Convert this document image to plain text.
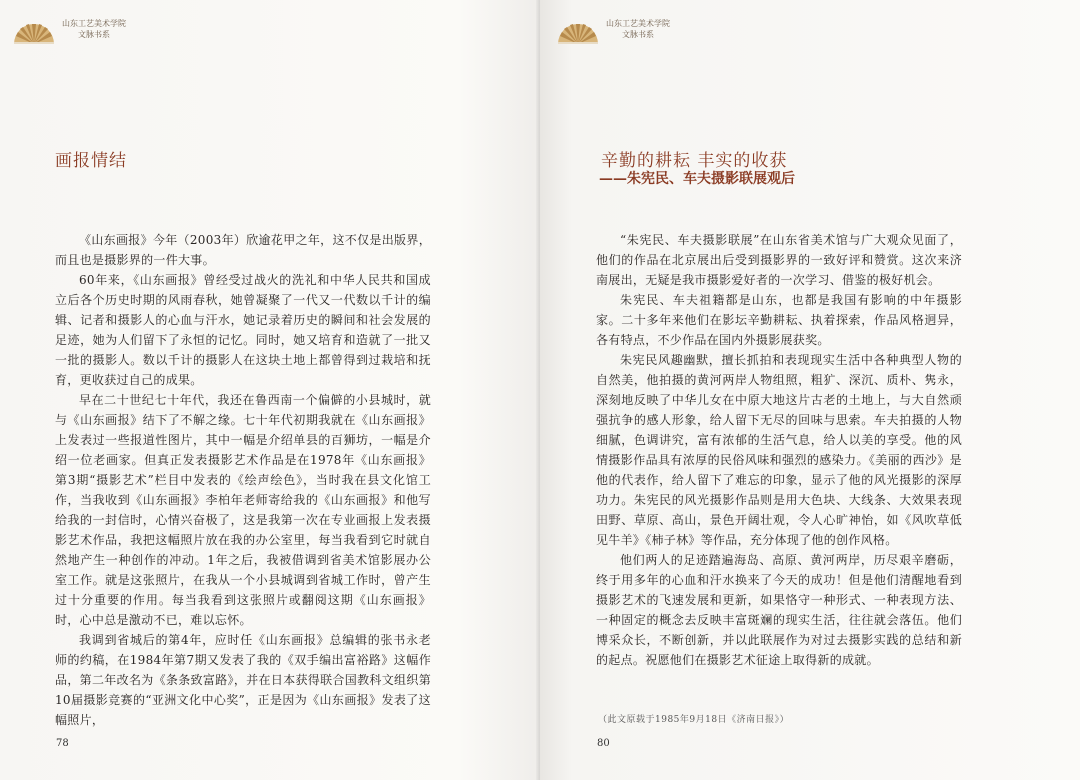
山东工艺美术学院
文脉书系
画报情结

《山东画报》今年（2003年）欣逾花甲之年，这不仅是出版界，而且也是摄影界的一件大事。

60年来，《山东画报》曾经受过战火的洗礼和中华人民共和国成立后各个历史时期的风雨春秋，她曾凝聚了一代又一代数以千计的编辑、记者和摄影人的心血与汗水，她记录着历史的瞬间和社会发展的足迹，她为人们留下了永恒的记忆。同时，她又培育和造就了一批又一批的摄影人。数以千计的摄影人在这块土地上都曾得到过栽培和抚育，更收获过自己的成果。

早在二十世纪七十年代，我还在鲁西南一个偏僻的小县城时，就与《山东画报》结下了不解之缘。七十年代初期我就在《山东画报》上发表过一些报道性图片，其中一幅是介绍单县的百狮坊，一幅是介绍一位老画家。但真正发表摄影艺术作品是在1978年《山东画报》第3期“摄影艺术”栏目中发表的《绘声绘色》，当时我在县文化馆工作，当我收到《山东画报》李柏年老师寄给我的《山东画报》和他写给我的一封信时，心情兴奋极了，这是我第一次在专业画报上发表摄影艺术作品，我把这幅照片放在我的办公室里，每当我看到它时就自然地产生一种创作的冲动。1年之后，我被借调到省美术馆影展办公室工作。就是这张照片，在我从一个小县城调到省城工作时，曾产生过十分重要的作用。每当我看到这张照片或翻阅这期《山东画报》时，心中总是激动不已，难以忘怀。

我调到省城后的第4年，应时任《山东画报》总编辑的张书永老师的约稿，在1984年第7期又发表了我的《双手编出富裕路》这幅作品，第二年改名为《条条致富路》，并在日本获得联合国教科文组织第10届摄影竞赛的“亚洲文化中心奖”，正是因为《山东画报》发表了这幅照片，

78
山东工艺美术学院
文脉书系
辛勤的耕耘 丰实的收获
——朱宪民、车夫摄影联展观后

“朱宪民、车夫摄影联展”在山东省美术馆与广大观众见面了，他们的作品在北京展出后受到摄影界的一致好评和赞赏。这次来济南展出，无疑是我市摄影爱好者的一次学习、借鉴的极好机会。

朱宪民、车夫祖籍都是山东，也都是我国有影响的中年摄影家。二十多年来他们在影坛辛勤耕耘、执着探索，作品风格迥异，各有特点，不少作品在国内外摄影展获奖。

朱宪民风趣幽默，擅长抓拍和表现现实生活中各种典型人物的自然美，他拍摄的黄河两岸人物组照，粗犷、深沉、质朴、隽永，深刻地反映了中华儿女在中原大地这片古老的土地上，与大自然顽强抗争的感人形象，给人留下无尽的回味与思索。车夫拍摄的人物细腻，色调讲究，富有浓郁的生活气息，给人以美的享受。他的风情摄影作品具有浓厚的民俗风味和强烈的感染力。《美丽的西沙》是他的代表作，给人留下了难忘的印象，显示了他的风光摄影的深厚功力。朱宪民的风光摄影作品则是用大色块、大线条、大效果表现田野、草原、高山，景色开阔壮观，令人心旷神怡，如《风吹草低见牛羊》《柿子林》等作品，充分体现了他的创作风格。

他们两人的足迹踏遍海岛、高原、黄河两岸，历尽艰辛磨砺，终于用多年的心血和汗水换来了今天的成功！但是他们清醒地看到摄影艺术的飞速发展和更新，如果恪守一种形式、一种表现方法、一种固定的概念去反映丰富斑斓的现实生活，往往就会落伍。他们博采众长，不断创新，并以此联展作为对过去摄影实践的总结和新的起点。祝愿他们在摄影艺术征途上取得新的成就。

（此文原载于1985年9月18日《济南日报》）
80
